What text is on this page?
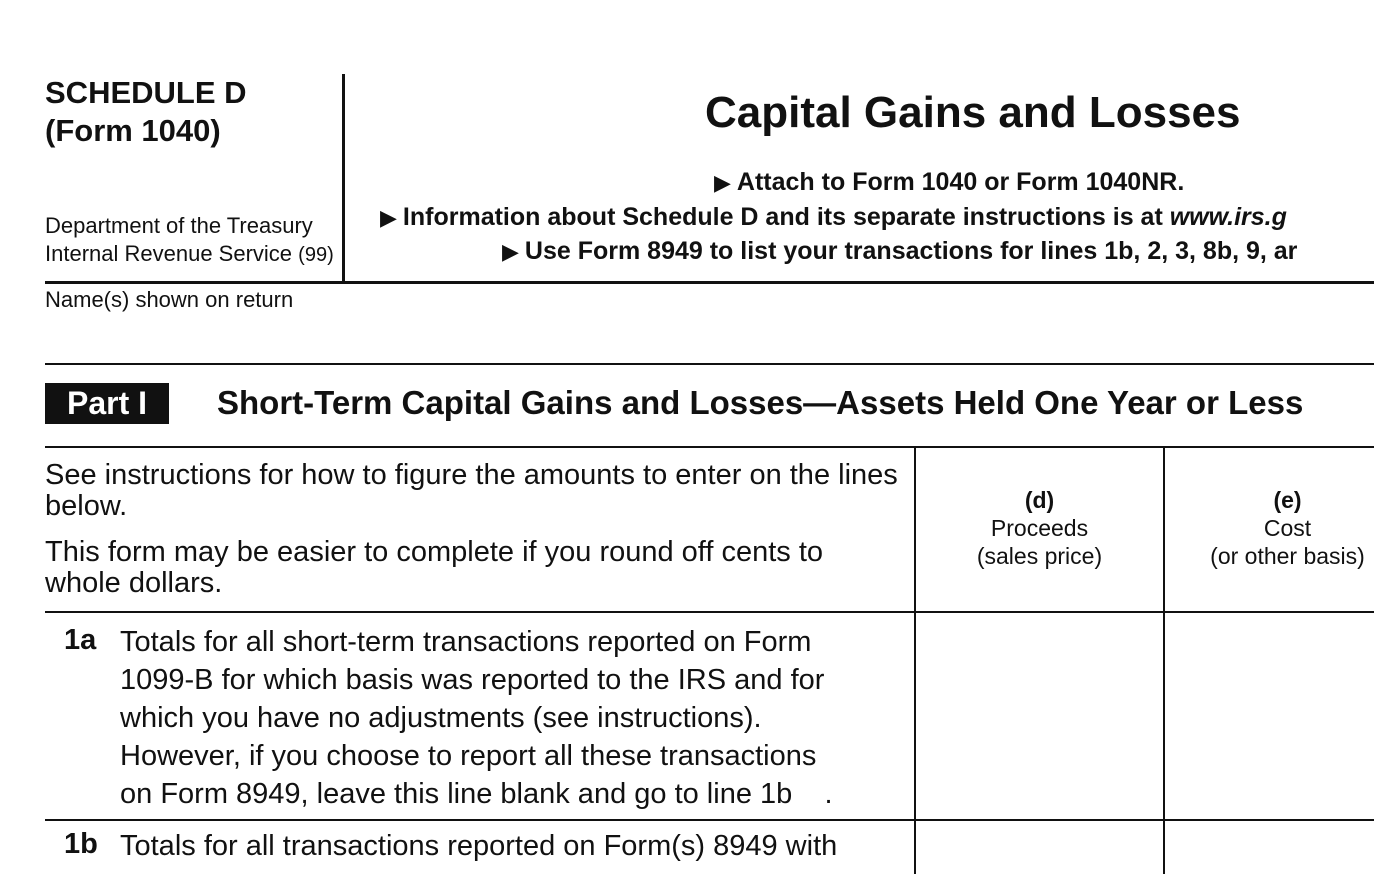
SCHEDULE D
(Form 1040)
Department of the Treasury
Internal Revenue Service (99)
Capital Gains and Losses
▶ Attach to Form 1040 or Form 1040NR.
▶ Information about Schedule D and its separate instructions is at www.irs.g
▶ Use Form 8949 to list your transactions for lines 1b, 2, 3, 8b, 9, ar
Name(s) shown on return
Part I	Short-Term Capital Gains and Losses—Assets Held One Year or Less
See instructions for how to figure the amounts to enter on the lines below.
This form may be easier to complete if you round off cents to whole dollars.
(d)
Proceeds
(sales price)
(e)
Cost
(or other basis)
1a Totals for all short-term transactions reported on Form
1099-B for which basis was reported to the IRS and for
which you have no adjustments (see instructions).
However, if you choose to report all these transactions
on Form 8949, leave this line blank and go to line 1b    .
1b Totals for all transactions reported on Form(s) 8949 with
